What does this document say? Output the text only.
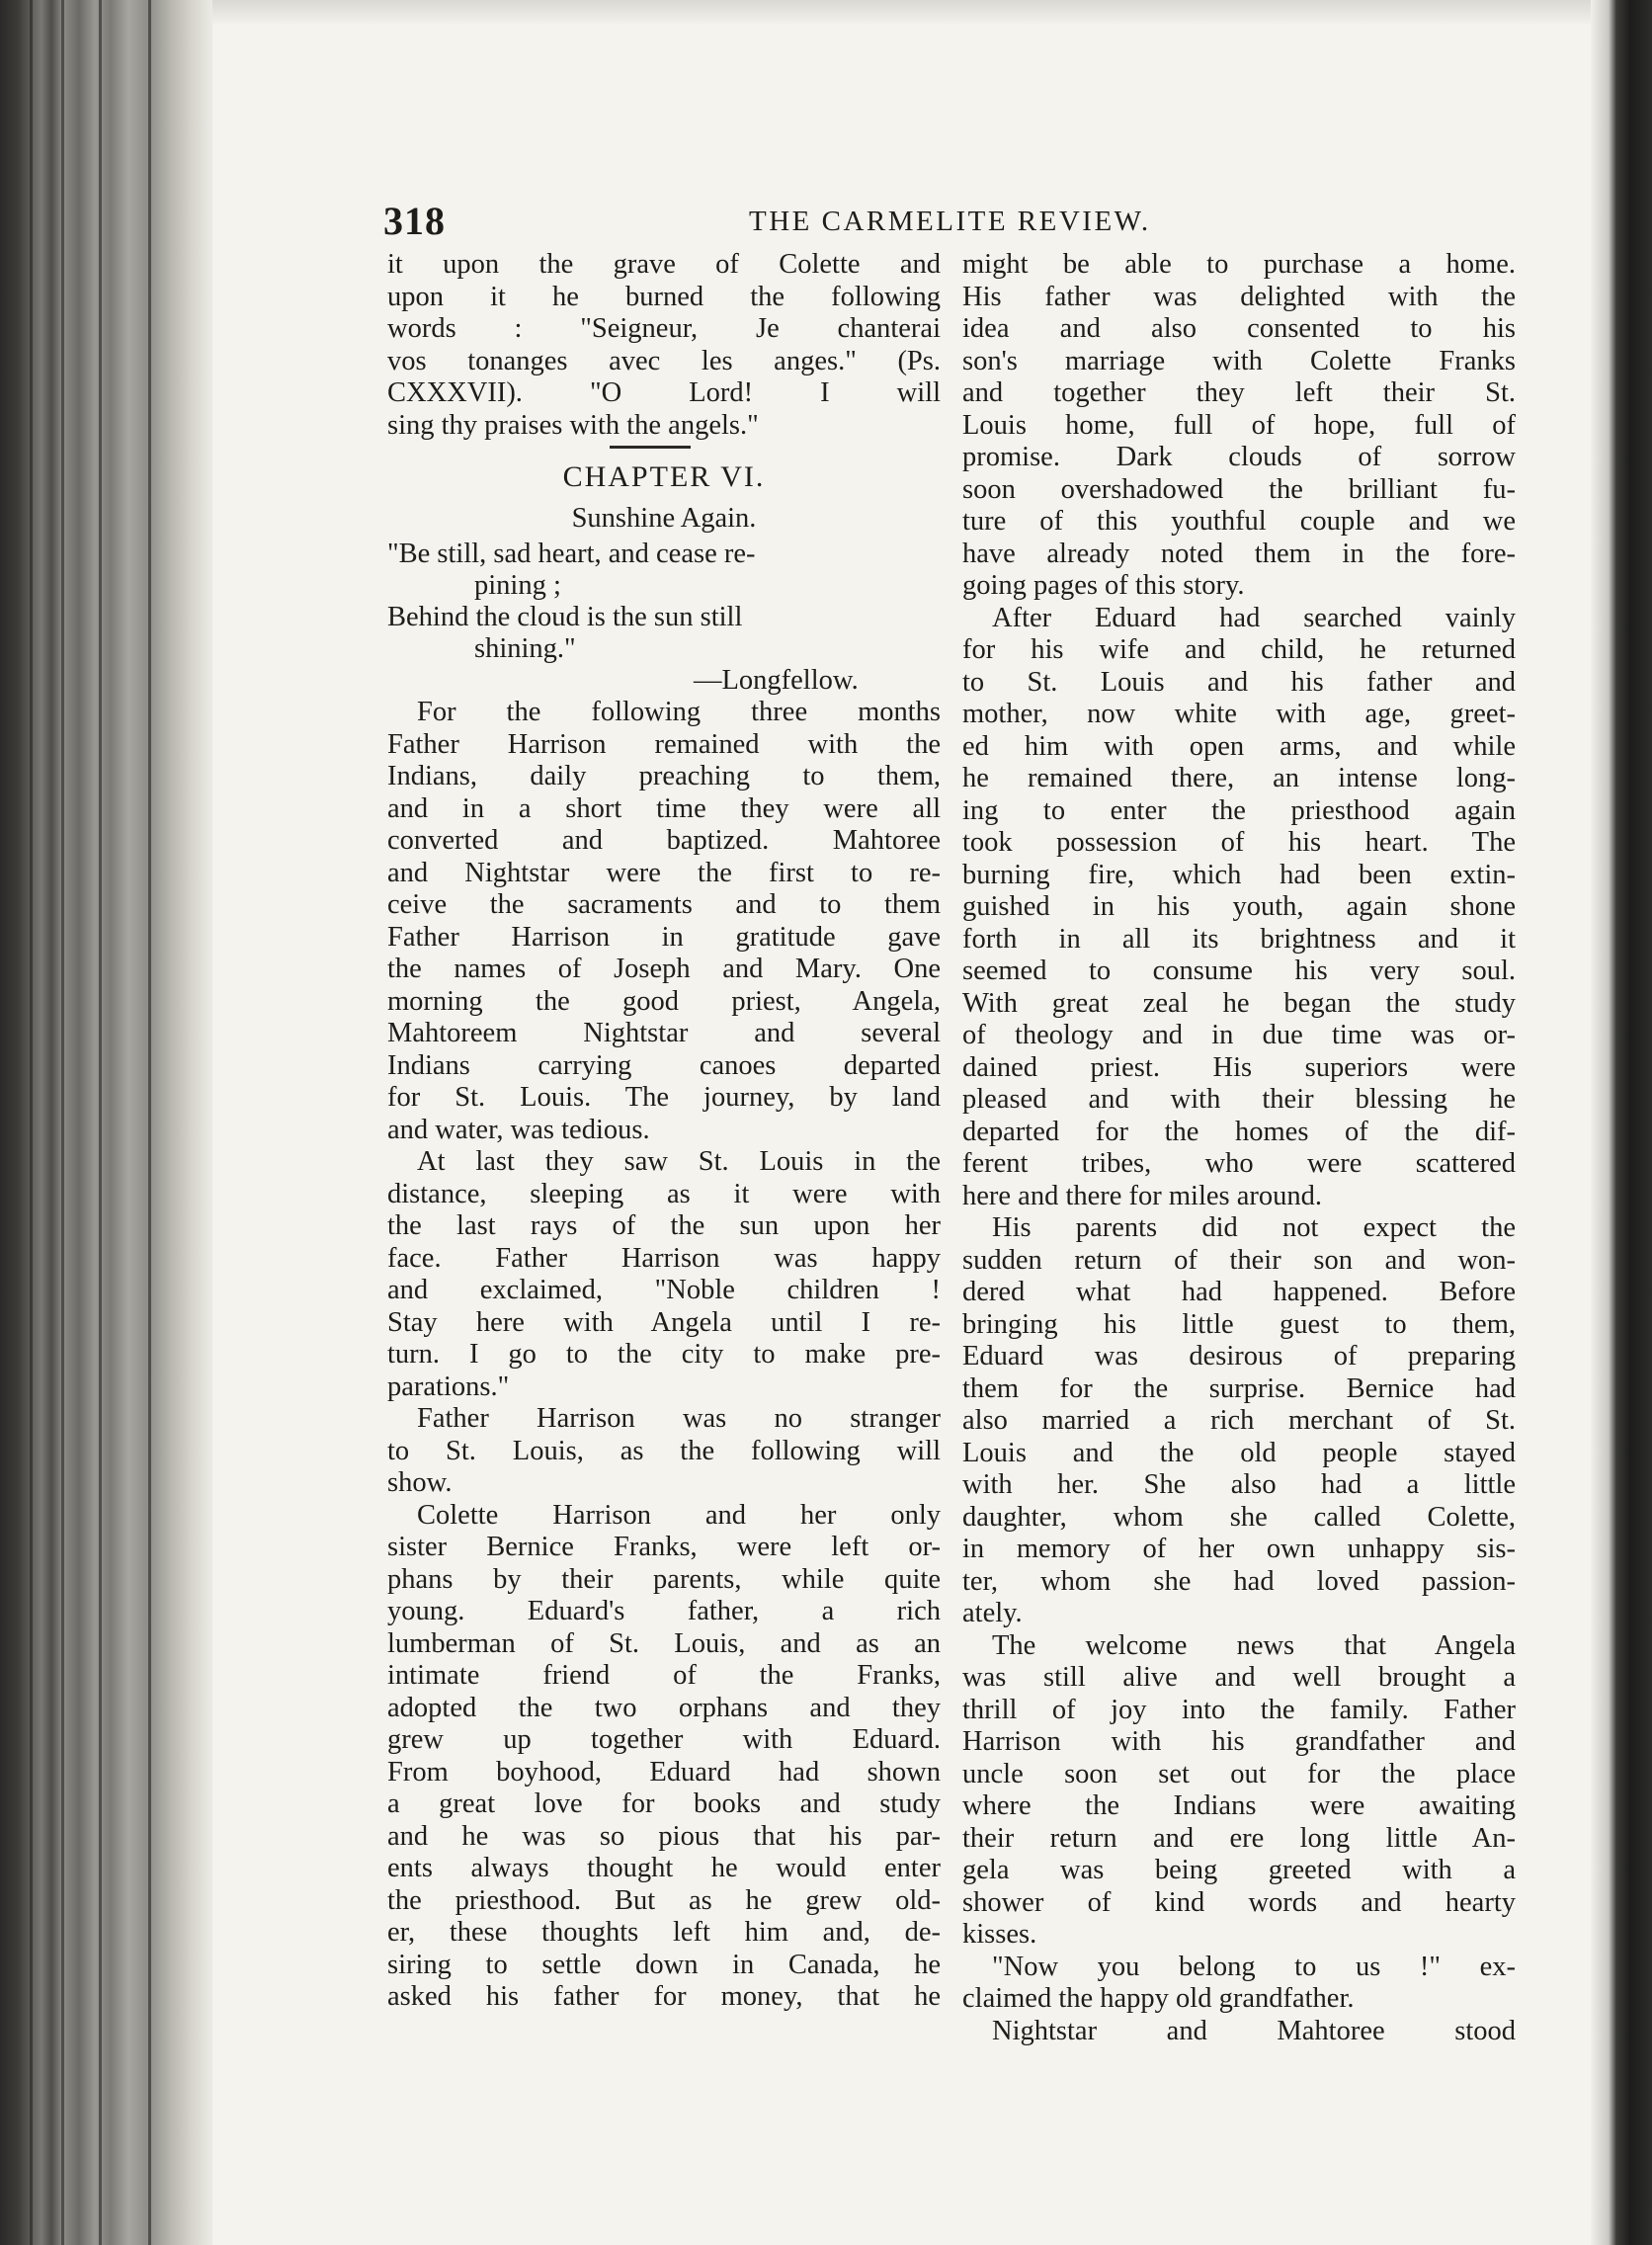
318	THE CARMELITE REVIEW.
it upon the grave of Colette and
upon it he burned the following
words : "Seigneur, Je chanterai
vos tonanges avec les anges." (Ps.
CXXXVII). "O Lord! I will
sing thy praises with the angels."
CHAPTER VI.
Sunshine Again.
"Be still, sad heart, and cease re-
pining ;
Behind the cloud is the sun still
shining."
—Longfellow.
For the following three months
Father Harrison remained with the
Indians, daily preaching to them,
and in a short time they were all
converted and baptized. Mahtoree
and Nightstar were the first to re-
ceive the sacraments and to them
Father Harrison in gratitude gave
the names of Joseph and Mary. One
morning the good priest, Angela,
Mahtoreem Nightstar and several
Indians carrying canoes departed
for St. Louis. The journey, by land
and water, was tedious.
At last they saw St. Louis in the
distance, sleeping as it were with
the last rays of the sun upon her
face. Father Harrison was happy
and exclaimed, "Noble children !
Stay here with Angela until I re-
turn. I go to the city to make pre-
parations."
Father Harrison was no stranger
to St. Louis, as the following will
show.
Colette Harrison and her only
sister Bernice Franks, were left or-
phans by their parents, while quite
young. Eduard's father, a rich
lumberman of St. Louis, and as an
intimate friend of the Franks,
adopted the two orphans and they
grew up together with Eduard.
From boyhood, Eduard had shown
a great love for books and study
and he was so pious that his par-
ents always thought he would enter
the priesthood. But as he grew old-
er, these thoughts left him and, de-
siring to settle down in Canada, he
asked his father for money, that he
might be able to purchase a home.
His father was delighted with the
idea and also consented to his
son's marriage with Colette Franks
and together they left their St.
Louis home, full of hope, full of
promise. Dark clouds of sorrow
soon overshadowed the brilliant fu-
ture of this youthful couple and we
have already noted them in the fore-
going pages of this story.
After Eduard had searched vainly
for his wife and child, he returned
to St. Louis and his father and
mother, now white with age, greet-
ed him with open arms, and while
he remained there, an intense long-
ing to enter the priesthood again
took possession of his heart. The
burning fire, which had been extin-
guished in his youth, again shone
forth in all its brightness and it
seemed to consume his very soul.
With great zeal he began the study
of theology and in due time was or-
dained priest. His superiors were
pleased and with their blessing he
departed for the homes of the dif-
ferent tribes, who were scattered
here and there for miles around.
His parents did not expect the
sudden return of their son and won-
dered what had happened. Before
bringing his little guest to them,
Eduard was desirous of preparing
them for the surprise. Bernice had
also married a rich merchant of St.
Louis and the old people stayed
with her. She also had a little
daughter, whom she called Colette,
in memory of her own unhappy sis-
ter, whom she had loved passion-
ately.
The welcome news that Angela
was still alive and well brought a
thrill of joy into the family. Father
Harrison with his grandfather and
uncle soon set out for the place
where the Indians were awaiting
their return and ere long little An-
gela was being greeted with a
shower of kind words and hearty
kisses.
"Now you belong to us !" ex-
claimed the happy old grandfather.
Nightstar and Mahtoree stood
